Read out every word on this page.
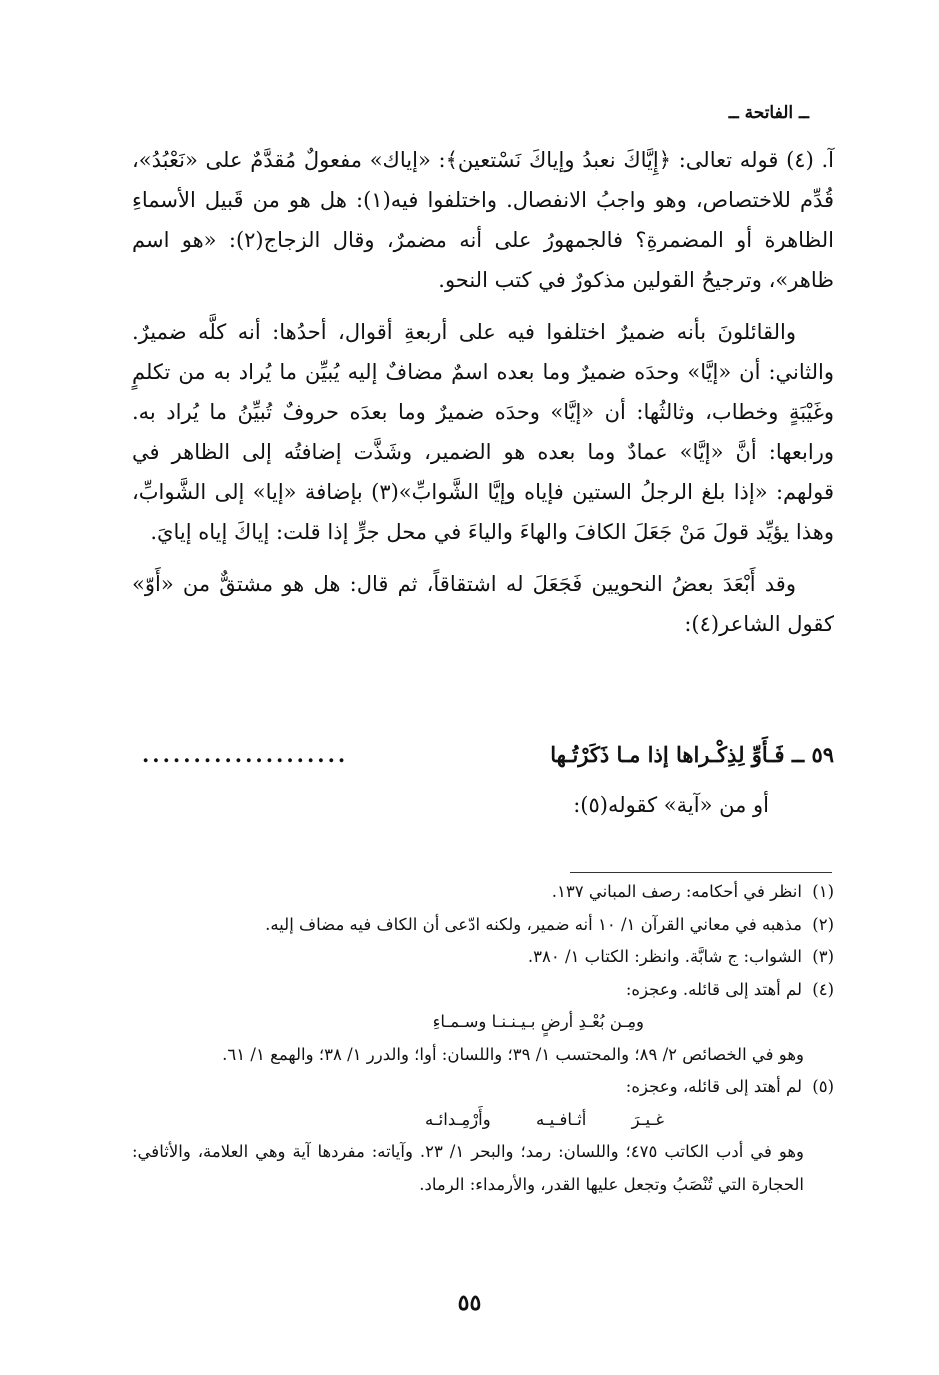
ــ الفاتحة ــ

آ. (٤) قوله تعالى: ﴿إِيَّاكَ نعبدُ وإياكَ نَسْتعين﴾: «إياك» مفعولٌ مُقدَّمٌ على «نَعْبُدُ»، قُدِّم للاختصاص، وهو واجبُ الانفصال. واختلفوا فيه(١): هل هو من قَبيل الأسماءِ الظاهرة أو المضمرةِ؟ فالجمهورُ على أنه مضمرٌ، وقال الزجاج(٢): «هو اسم ظاهر»، وترجيحُ القولين مذكورٌ في كتب النحو.

والقائلونَ بأنه ضميرٌ اختلفوا فيه على أربعةِ أقوال، أحدُها: أنه كلَّه ضميرٌ. والثاني: أن «إيَّا» وحدَه ضميرٌ وما بعده اسمٌ مضافٌ إليه يُبيِّن ما يُراد به من تكلمٍ وغَيْبَةٍ وخطاب، وثالثُها: أن «إيَّا» وحدَه ضميرٌ وما بعدَه حروفٌ تُبيِّنُ ما يُراد به. ورابعها: أنَّ «إيَّا» عمادٌ وما بعده هو الضمير، وشَذَّت إضافتُه إلى الظاهر في قولهم: «إذا بلغ الرجلُ الستين فإياه وإيَّا الشَّوابِّ»(٣) بإضافة «إيا» إلى الشَّوابِّ، وهذا يؤيِّد قولَ مَنْ جَعَلَ الكافَ والهاءَ والياءَ في محل جرٍّ إذا قلت: إياكَ إياه إيايَ.

وقد أَبْعَدَ بعضُ النحويين فَجَعَلَ له اشتقاقاً، ثم قال: هل هو مشتقٌّ من «أَوّ» كقول الشاعر(٤):

٥٩ ــ فَـأَوِّ لِذِكْـراها إذا مـا ذَكَرْتُـها
....................
أو من «آية» كقوله(٥):

(١)انظر في أحكامه: رصف المباني ١٣٧.

(٢)مذهبه في معاني القرآن ١/ ١٠ أنه ضمير، ولكنه ادّعى أن الكاف فيه مضاف إليه.

(٣)الشواب: ج شابَّة. وانظر: الكتاب ١/ ٣٨٠.

(٤)لم أهتد إلى قائله. وعجزه:

ومِـن بُعْـدِ أرضٍ بـيـنـنـا وسـمـاءِ

وهو في الخصائص ٢/ ٨٩؛ والمحتسب ١/ ٣٩؛ واللسان: أوا؛ والدرر ١/ ٣٨؛ والهمع ١/ ٦١.

(٥)لم أهتد إلى قائله، وعجزه:

غـيـرَ أثـافـيـه وأَرْمِـدائـه

وهو في أدب الكاتب ٤٧٥؛ واللسان: رمد؛ والبحر ١/ ٢٣. وآياته: مفردها آية وهي العلامة، والأثافي: الحجارة التي تُنْصَبُ وتجعل عليها القدر، والأرمداء: الرماد.

٥٥
